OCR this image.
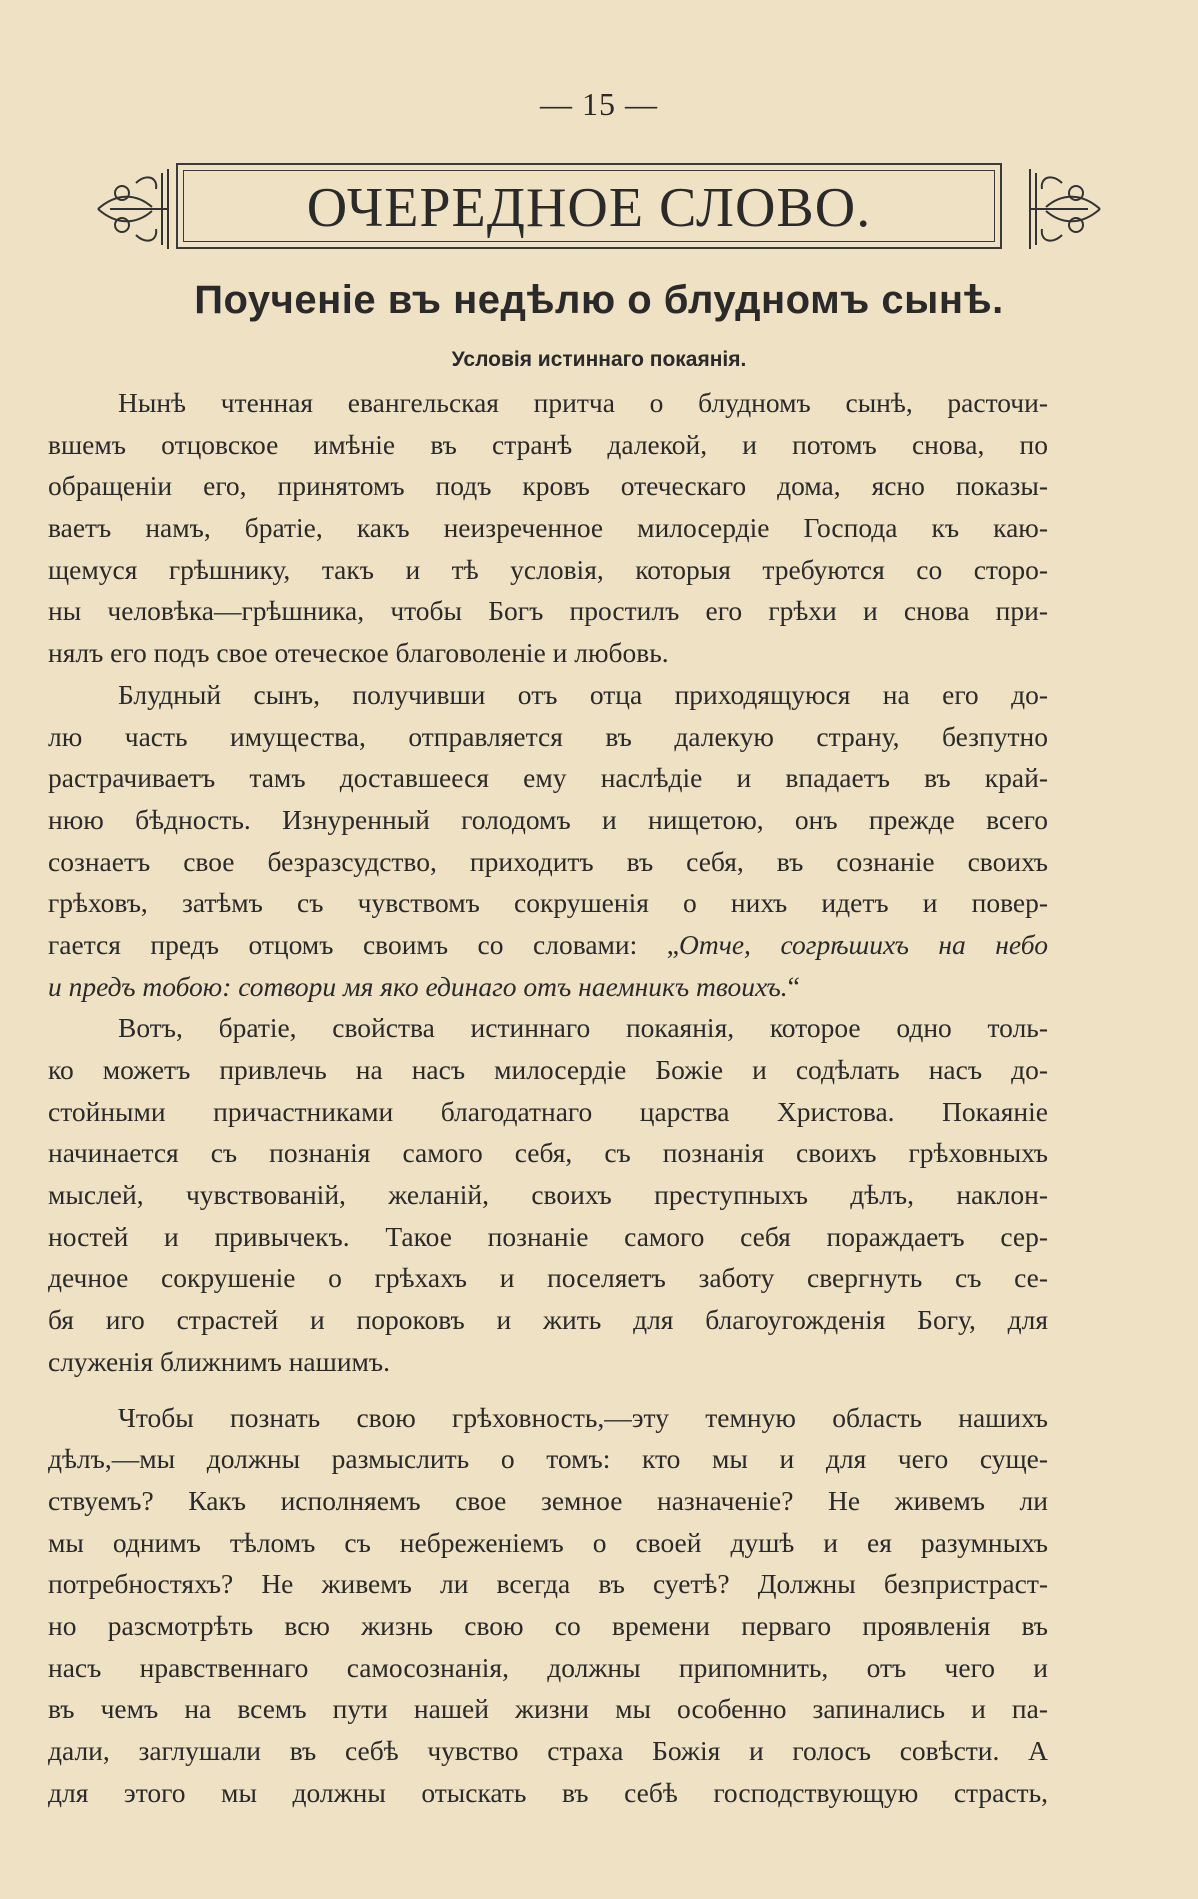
— 15 —
ОЧЕРЕДНОЕ СЛОВО.
Поученіе въ недѣлю о блудномъ сынѣ.
Условія истиннаго покаянія.
Нынѣ чтенная евангельская притча о блудномъ сынѣ, расточи-
вшемъ отцовское имѣніе въ странѣ далекой, и потомъ снова, по
обращеніи его, принятомъ подъ кровъ отеческаго дома, ясно показы-
ваетъ намъ, братіе, какъ неизреченное милосердіе Господа къ каю-
щемуся грѣшнику, такъ и тѣ условія, которыя требуются со сторо-
ны человѣка—грѣшника, чтобы Богъ простилъ его грѣхи и снова при-
нялъ его подъ свое отеческое благоволеніе и любовь.
Блудный сынъ, получивши отъ отца приходящуюся на его до-
лю часть имущества, отправляется въ далекую страну, безпутно
растрачиваетъ тамъ доставшееся ему наслѣдіе и впадаетъ въ край-
нюю бѣдность. Изнуренный голодомъ и нищетою, онъ прежде всего
сознаетъ свое безразсудство, приходитъ въ себя, въ сознаніе своихъ
грѣховъ, затѣмъ съ чувствомъ сокрушенія о нихъ идетъ и повер-
гается предъ отцомъ своимъ со словами: „Отче, согрѣшихъ на небо
и предъ тобою: сотвори мя яко единаго отъ наемникъ твоихъ.“
Вотъ, братіе, свойства истиннаго покаянія, которое одно толь-
ко можетъ привлечь на насъ милосердіе Божіе и содѣлать насъ до-
стойными причастниками благодатнаго царства Христова. Покаяніе
начинается съ познанія самого себя, съ познанія своихъ грѣховныхъ
мыслей, чувствованій, желаній, своихъ преступныхъ дѣлъ, наклон-
ностей и привычекъ. Такое познаніе самого себя пораждаетъ сер-
дечное сокрушеніе о грѣхахъ и поселяетъ заботу свергнуть съ се-
бя иго страстей и пороковъ и жить для благоугожденія Богу, для
служенія ближнимъ нашимъ.
Чтобы познать свою грѣховность,—эту темную область нашихъ
дѣлъ,—мы должны размыслить о томъ: кто мы и для чего суще-
ствуемъ? Какъ исполняемъ свое земное назначеніе? Не живемъ ли
мы однимъ тѣломъ съ небреженіемъ о своей душѣ и ея разумныхъ
потребностяхъ? Не живемъ ли всегда въ суетѣ? Должны безпристраст-
но разсмотрѣть всю жизнь свою со времени перваго проявленія въ
насъ нравственнаго самосознанія, должны припомнить, отъ чего и
въ чемъ на всемъ пути нашей жизни мы особенно запинались и па-
дали, заглушали въ себѣ чувство страха Божія и голосъ совѣсти. А
для этого мы должны отыскать въ себѣ господствующую страсть,
